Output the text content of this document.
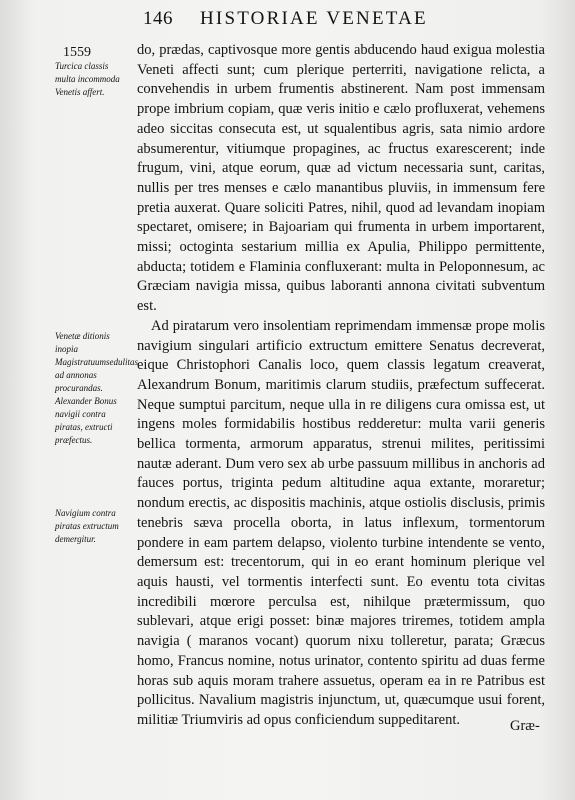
146 HISTORIAE VENETAE
1559

Turcica classis multa incommoda Venetis affert.

Venetæ ditionis inopia Magistratuumsedulitas ad annonas procurandas. Alexander Bonus navigii contra piratas, extructi præfectus.

Navigium contra piratas extructum demergitur.

do, prædas, captivosque more gentis abducendo haud exigua molestia Veneti affecti sunt; cum plerique perterriti, navigatione relicta, a convehendis in urbem frumentis abstinerent. Nam post immensam prope imbrium copiam, quæ veris initio e cælo profluxerat, vehemens adeo siccitas consecuta est, ut squalentibus agris, sata nimio ardore absumerentur, vitiumque propagines, ac fructus exarescerent; inde frugum, vini, atque eorum, quæ ad victum necessaria sunt, caritas, nullis per tres menses e cælo manantibus pluviis, in immensum fere pretia auxerat. Quare soliciti Patres, nihil, quod ad levandam inopiam spectaret, omisere; in Bajoariam qui frumenta in urbem importarent, missi; octoginta sestarium millia ex Apulia, Philippo permittente, abducta; totidem e Flaminia confluxerant: multa in Peloponnesum, ac Græciam navigia missa, quibus laboranti annona civitati subventum est.

Ad piratarum vero insolentiam reprimendam immensæ prope molis navigium singulari artificio extructum emittere Senatus decreverat, eique Christophori Canalis loco, quem classis legatum creaverat, Alexandrum Bonum, maritimis clarum studiis, præfectum suffecerat. Neque sumptui parcitum, neque ulla in re diligens cura omissa est, ut ingens moles formidabilis hostibus redderetur: multa varii generis bellica tormenta, armorum apparatus, strenui milites, peritissimi nautæ aderant. Dum vero sex ab urbe passuum millibus in anchoris ad fauces portus, triginta pedum altitudine aqua extante, moraretur; nondum erectis, ac dispositis machinis, atque ostiolis disclusis, primis tenebris sæva procella oborta, in latus inflexum, tormentorum pondere in eam partem delapso, violento turbine intendente se vento, demersum est: trecentorum, qui in eo erant hominum plerique vel aquis hausti, vel tormentis interfecti sunt. Eo eventu tota civitas incredibili mœrore perculsa est, nihilque prætermissum, quo sublevari, atque erigi posset: binæ majores triremes, totidem ampla navigia ( maranos vocant) quorum nixu tolleretur, parata; Græcus homo, Francus nomine, notus urinator, contento spiritu ad duas ferme horas sub aquis moram trahere assuetus, operam ea in re Patribus est pollicitus. Navalium magistris injunctum, ut, quæcumque usui forent, militiæ Triumviris ad opus conficiendum suppeditarent.	Græ-
